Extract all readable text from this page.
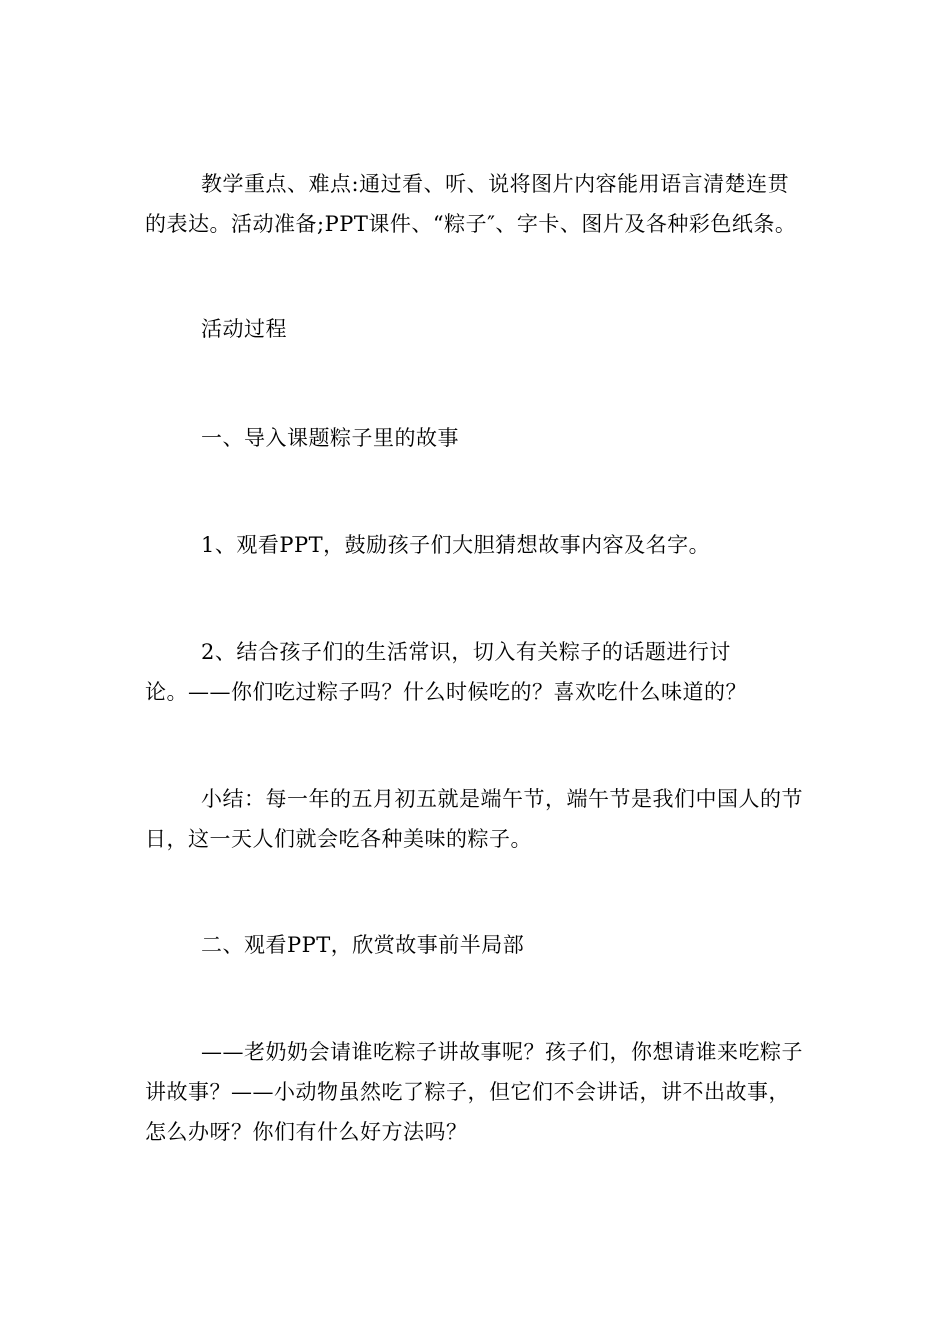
教学重点、难点:通过看、听、说将图片内容能用语言清楚连贯
的表达。活动准备;PPT课件、“粽子″、字卡、图片及各种彩色纸条。
活动过程
一、导入课题粽子里的故事
1、观看PPT，鼓励孩子们大胆猜想故事内容及名字。
2、结合孩子们的生活常识，切入有关粽子的话题进行讨
论。——你们吃过粽子吗？什么时候吃的？喜欢吃什么味道的？
小结：每一年的五月初五就是端午节，端午节是我们中国人的节
日，这一天人们就会吃各种美味的粽子。
二、观看PPT，欣赏故事前半局部
——老奶奶会请谁吃粽子讲故事呢？孩子们，你想请谁来吃粽子
讲故事？——小动物虽然吃了粽子，但它们不会讲话，讲不出故事，
怎么办呀？你们有什么好方法吗？
